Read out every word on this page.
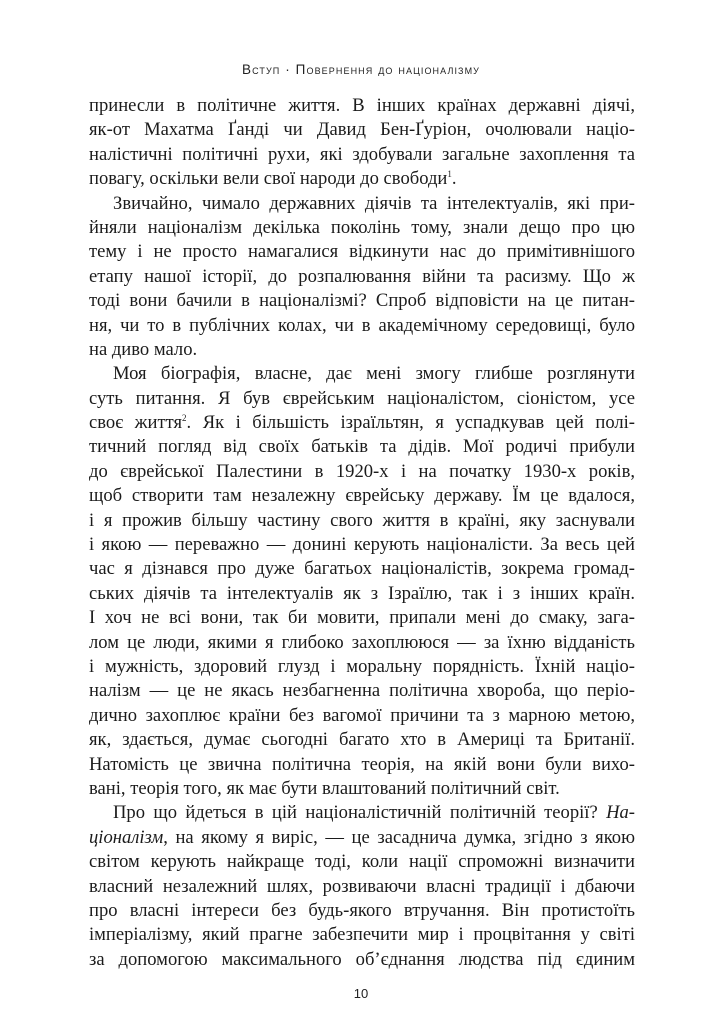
Вступ · Повернення до націоналізму
принесли в політичне життя. В інших країнах державні діячі,
як-от Махатма Ґанді чи Давид Бен-Ґуріон, очолювали націо-
налістичні політичні рухи, які здобували загальне захоплення та
повагу, оскільки вели свої народи до свободи$^1$.
Звичайно, чимало державних діячів та інтелектуалів, які при-
йняли націоналізм декілька поколінь тому, знали дещо про цю
тему і не просто намагалися відкинути нас до примітивнішого
етапу нашої історії, до розпалювання війни та расизму. Що ж
тоді вони бачили в націоналізмі? Спроб відповісти на це питан-
ня, чи то в публічних колах, чи в академічному середовищі, було
на диво мало.
Моя біографія, власне, дає мені змогу глибше розглянути
суть питання. Я був єврейським націоналістом, сіоністом, усе
своє життя$^2$. Як і більшість ізраїльтян, я успадкував цей полі-
тичний погляд від своїх батьків та дідів. Мої родичі прибули
до єврейської Палестини в 1920-х і на початку 1930-х років,
щоб створити там незалежну єврейську державу. Їм це вдалося,
і я прожив більшу частину свого життя в країні, яку заснували
і якою — переважно — донині керують націоналісти. За весь цей
час я дізнався про дуже багатьох націоналістів, зокрема громад-
ських діячів та інтелектуалів як з Ізраїлю, так і з інших країн.
І хоч не всі вони, так би мовити, припали мені до смаку, зага-
лом це люди, якими я глибоко захоплююся — за їхню відданість
і мужність, здоровий глузд і моральну порядність. Їхній націо-
налізм — це не якась незбагненна політична хвороба, що періо-
дично захоплює країни без вагомої причини та з марною метою,
як, здається, думає сьогодні багато хто в Америці та Британії.
Натомість це звична політична теорія, на якій вони були вихо-
вані, теорія того, як має бути влаштований політичний світ.
Про що йдеться в цій націоналістичній політичній теорії? На-
ціоналізм, на якому я виріс, — це засаднича думка, згідно з якою
світом керують найкраще тоді, коли нації спроможні визначити
власний незалежний шлях, розвиваючи власні традиції і дбаючи
про власні інтереси без будь-якого втручання. Він протистоїть
імперіалізму, який прагне забезпечити мир і процвітання у світі
за допомогою максимального об’єднання людства під єдиним
10
